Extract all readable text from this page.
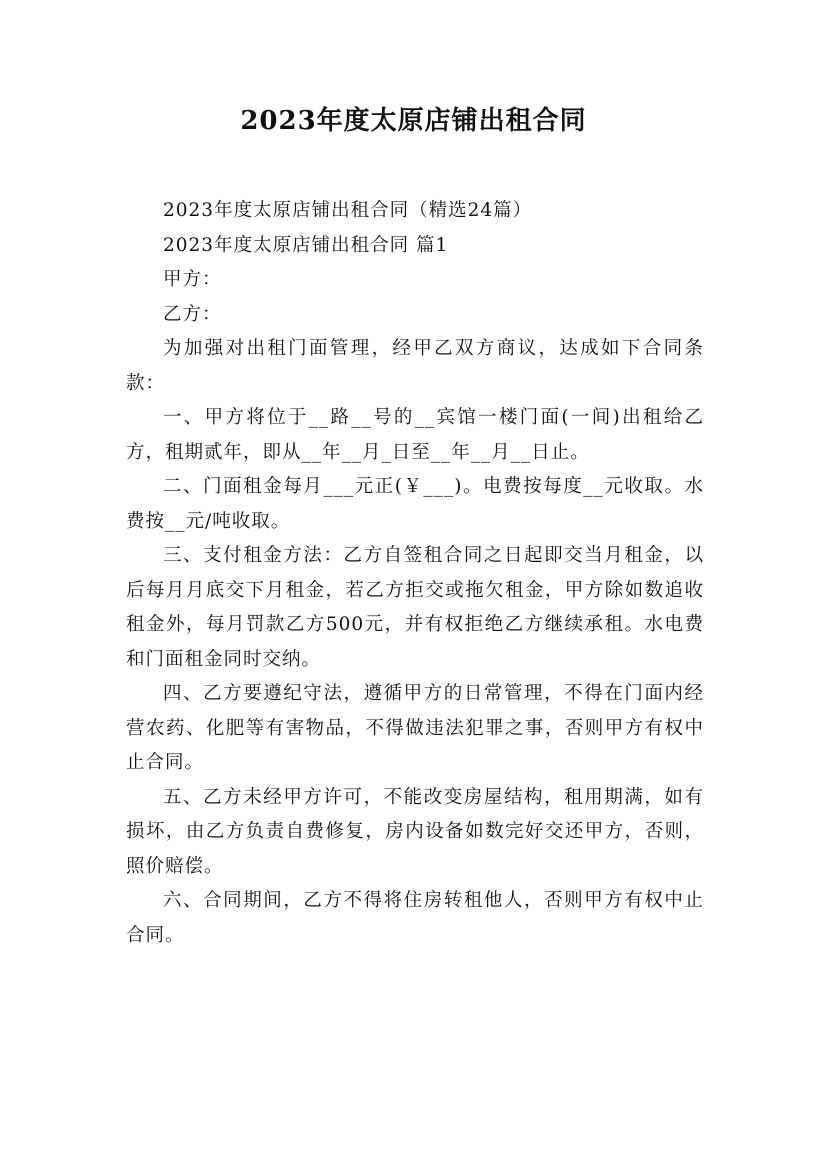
2023年度太原店铺出租合同

2023年度太原店铺出租合同（精选24篇）

2023年度太原店铺出租合同 篇1

甲方：

乙方：

为加强对出租门面管理，经甲乙双方商议，达成如下合同条款：

一、甲方将位于__路__号的__宾馆一楼门面(一间)出租给乙方，租期贰年，即从__年__月_日至__年__月__日止。

二、门面租金每月___元正(￥___)。电费按每度__元收取。水费按__元/吨收取。

三、支付租金方法：乙方自签租合同之日起即交当月租金，以后每月月底交下月租金，若乙方拒交或拖欠租金，甲方除如数追收租金外，每月罚款乙方500元，并有权拒绝乙方继续承租。水电费和门面租金同时交纳。

四、乙方要遵纪守法，遵循甲方的日常管理，不得在门面内经营农药、化肥等有害物品，不得做违法犯罪之事，否则甲方有权中止合同。

五、乙方未经甲方许可，不能改变房屋结构，租用期满，如有损坏，由乙方负责自费修复，房内设备如数完好交还甲方，否则，照价赔偿。

六、合同期间，乙方不得将住房转租他人，否则甲方有权中止合同。
